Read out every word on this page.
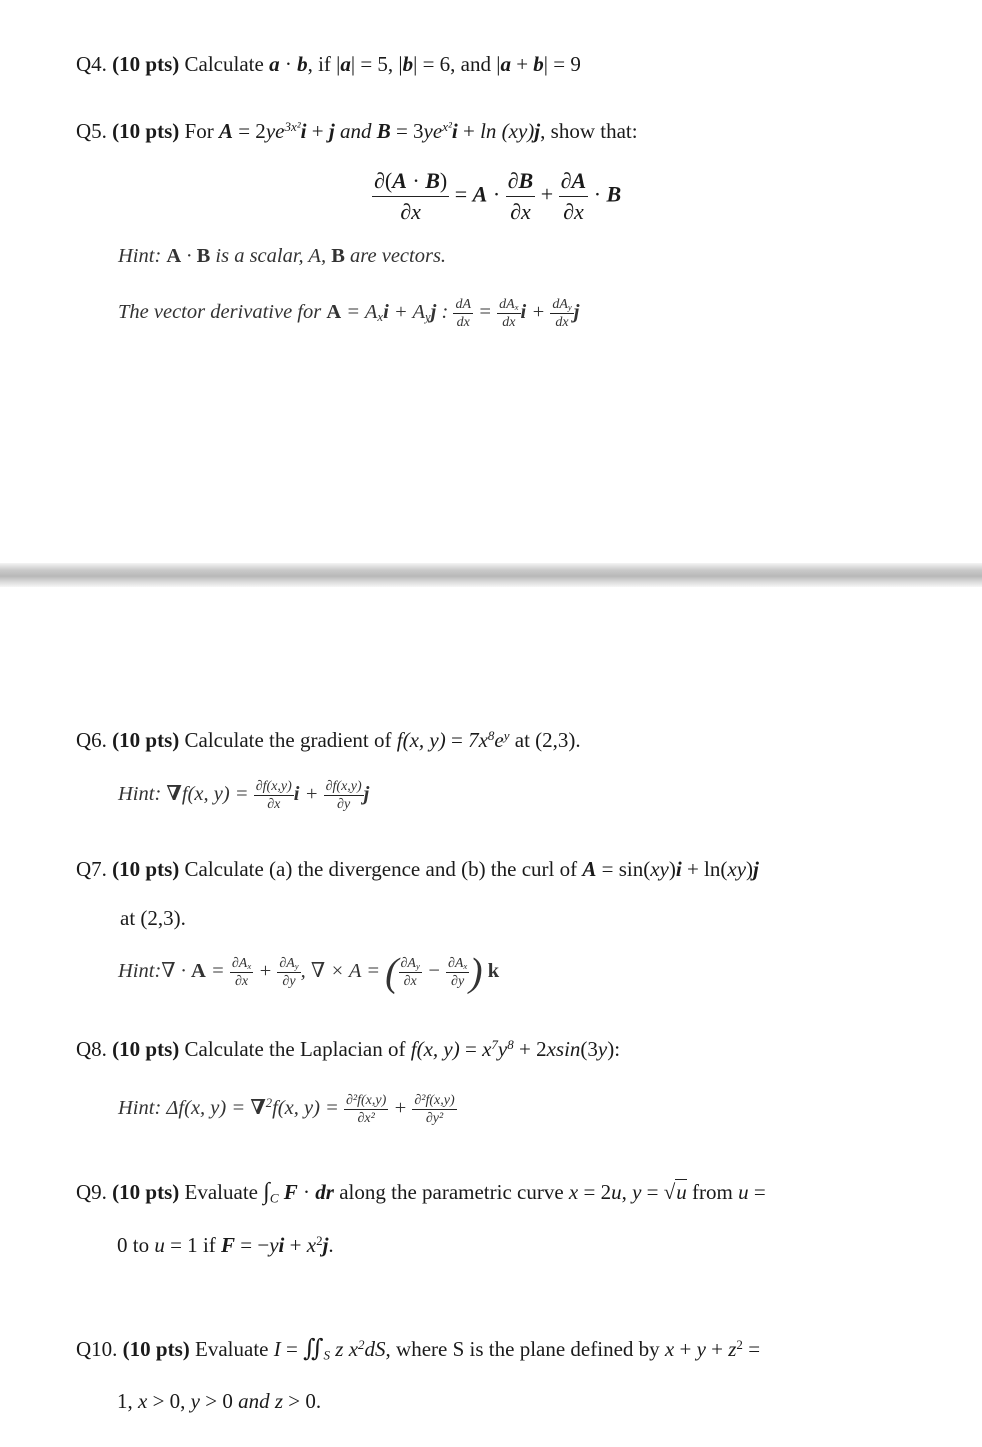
Q4. (10 pts) Calculate a · b, if |a| = 5, |b| = 6, and |a + b| = 9
Q5. (10 pts) For $A = 2ye^{3x^2}i + j$ and $B = 3ye^{x^2}i + \ln (xy)j$, show that:
$\frac{\partial(A \cdot B)}{\partial x} = A \cdot \frac{\partial B}{\partial x} + \frac{\partial A}{\partial x} \cdot B$
Hint: A · B is a scalar, A, B are vectors.
The vector derivative for $A = A_xi + A_yj$ : $\frac{dA}{dx} = \frac{dA_x}{dx}$ $i + \frac{dA_y}{dx}$ j
Q6. (10 pts) Calculate the gradient of f(x, $y) = 7x^8e^y$ at (2,3).
Hint: ∇f(x, $y) = \frac{\partial f(x,y)}{\partial x}$ $i + \frac{\partial f(x,y)}{\partial y}$ j
Q7. (10 pts) Calculate (a) the divergence and (b) the curl of A = sin(xy)i + ln(xy)j
at (2,3).
Hint:∇ · $A = \frac{\partial A_x}{\partial x} + \frac{\partial A_y}{\partial y}$ , ∇ × A = ( $\frac{\partial A_y}{\partial x} - \frac{\partial A_x}{\partial y}$ ) k
Q8. (10 pts) Calculate the Laplacian of f(x, $y) = x^7y^8 + 2xsin(3y)$:
Hint: Δf(x, y) = ∇$^2$f(x, $y) = \frac{\text{∂²f(x,y)}}{\text{∂x²}} + \frac{\text{∂²f(x,y)}}{\text{∂y²}}$
Q9. (10 pts) Evaluate $\int_C$ F · dr along the parametric curve x = 2u, y = √u from u =
0 to u = 1 if $F = -yi + x^2j$.
Q10. (10 pts) Evaluate $I = ∬_S$ z $x^2dS$, where S is the plane defined by $x + y + z^2$ =
1, x > 0, y > 0 and z > 0.
